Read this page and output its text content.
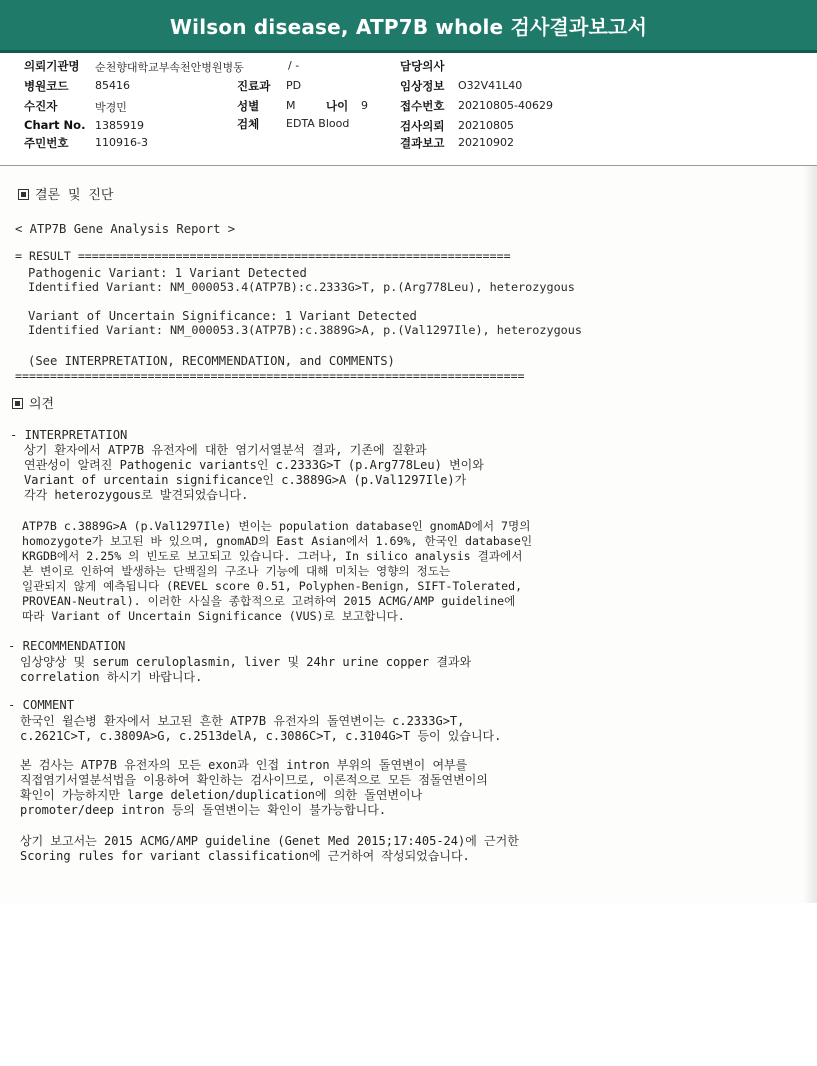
Wilson disease, ATP7B whole 검사결과보고서
의뢰기관명 순천향대학교부속천안병원병동	/ -	담당의사
병원코드 85416	진료과 PD	임상정보 O32V41L40
수진자	박경민	성별 M	나이 9	접수번호 20210805-40629
Chart No. 1385919	검체 EDTA Blood	검사의뢰 20210805
주민번호 110916-3	결과보고 20210902
결론 및 진단
< ATP7B Gene Analysis Report >
= RESULT ==============================================================
Pathogenic Variant: 1 Variant Detected
Identified Variant: NM_000053.4(ATP7B):c.2333G>T, p.(Arg778Leu), heterozygous
Variant of Uncertain Significance: 1 Variant Detected
Identified Variant: NM_000053.3(ATP7B):c.3889G>A, p.(Val1297Ile), heterozygous
(See INTERPRETATION, RECOMMENDATION, and COMMENTS)
=========================================================================
의견
- INTERPRETATION
상기 환자에서 ATP7B 유전자에 대한 염기서열분석 결과, 기존에 질환과
연관성이 알려진 Pathogenic variants인 c.2333G>T (p.Arg778Leu) 변이와
Variant of urcentain significance인 c.3889G>A (p.Val1297Ile)가
각각 heterozygous로 발견되었습니다.
ATP7B c.3889G>A (p.Val1297Ile) 변이는 population database인 gnomAD에서 7명의
homozygote가 보고된 바 있으며, gnomAD의 East Asian에서 1.69%, 한국인 database인
KRGDB에서 2.25% 의 빈도로 보고되고 있습니다. 그러나, In silico analysis 결과에서
본 변이로 인하여 발생하는 단백질의 구조나 기능에 대해 미치는 영향의 정도는
일관되지 않게 예측됩니다 (REVEL score 0.51, Polyphen-Benign, SIFT-Tolerated,
PROVEAN-Neutral). 이러한 사실을 종합적으로 고려하여 2015 ACMG/AMP guideline에
따라 Variant of Uncertain Significance (VUS)로 보고합니다.
- RECOMMENDATION
임상양상 및 serum ceruloplasmin, liver 및 24hr urine copper 결과와
correlation 하시기 바랍니다.
- COMMENT
한국인 윌슨병 환자에서 보고된 흔한 ATP7B 유전자의 돌연변이는 c.2333G>T,
c.2621C>T, c.3809A>G, c.2513delA, c.3086C>T, c.3104G>T 등이 있습니다.
본 검사는 ATP7B 유전자의 모든 exon과 인접 intron 부위의 돌연변이 여부를
직접염기서열분석법을 이용하여 확인하는 검사이므로, 이론적으로 모든 점돌연변이의
확인이 가능하지만 large deletion/duplication에 의한 돌연변이나
promoter/deep intron 등의 돌연변이는 확인이 불가능합니다.
상기 보고서는 2015 ACMG/AMP guideline (Genet Med 2015;17:405-24)에 근거한
Scoring rules for variant classification에 근거하여 작성되었습니다.
